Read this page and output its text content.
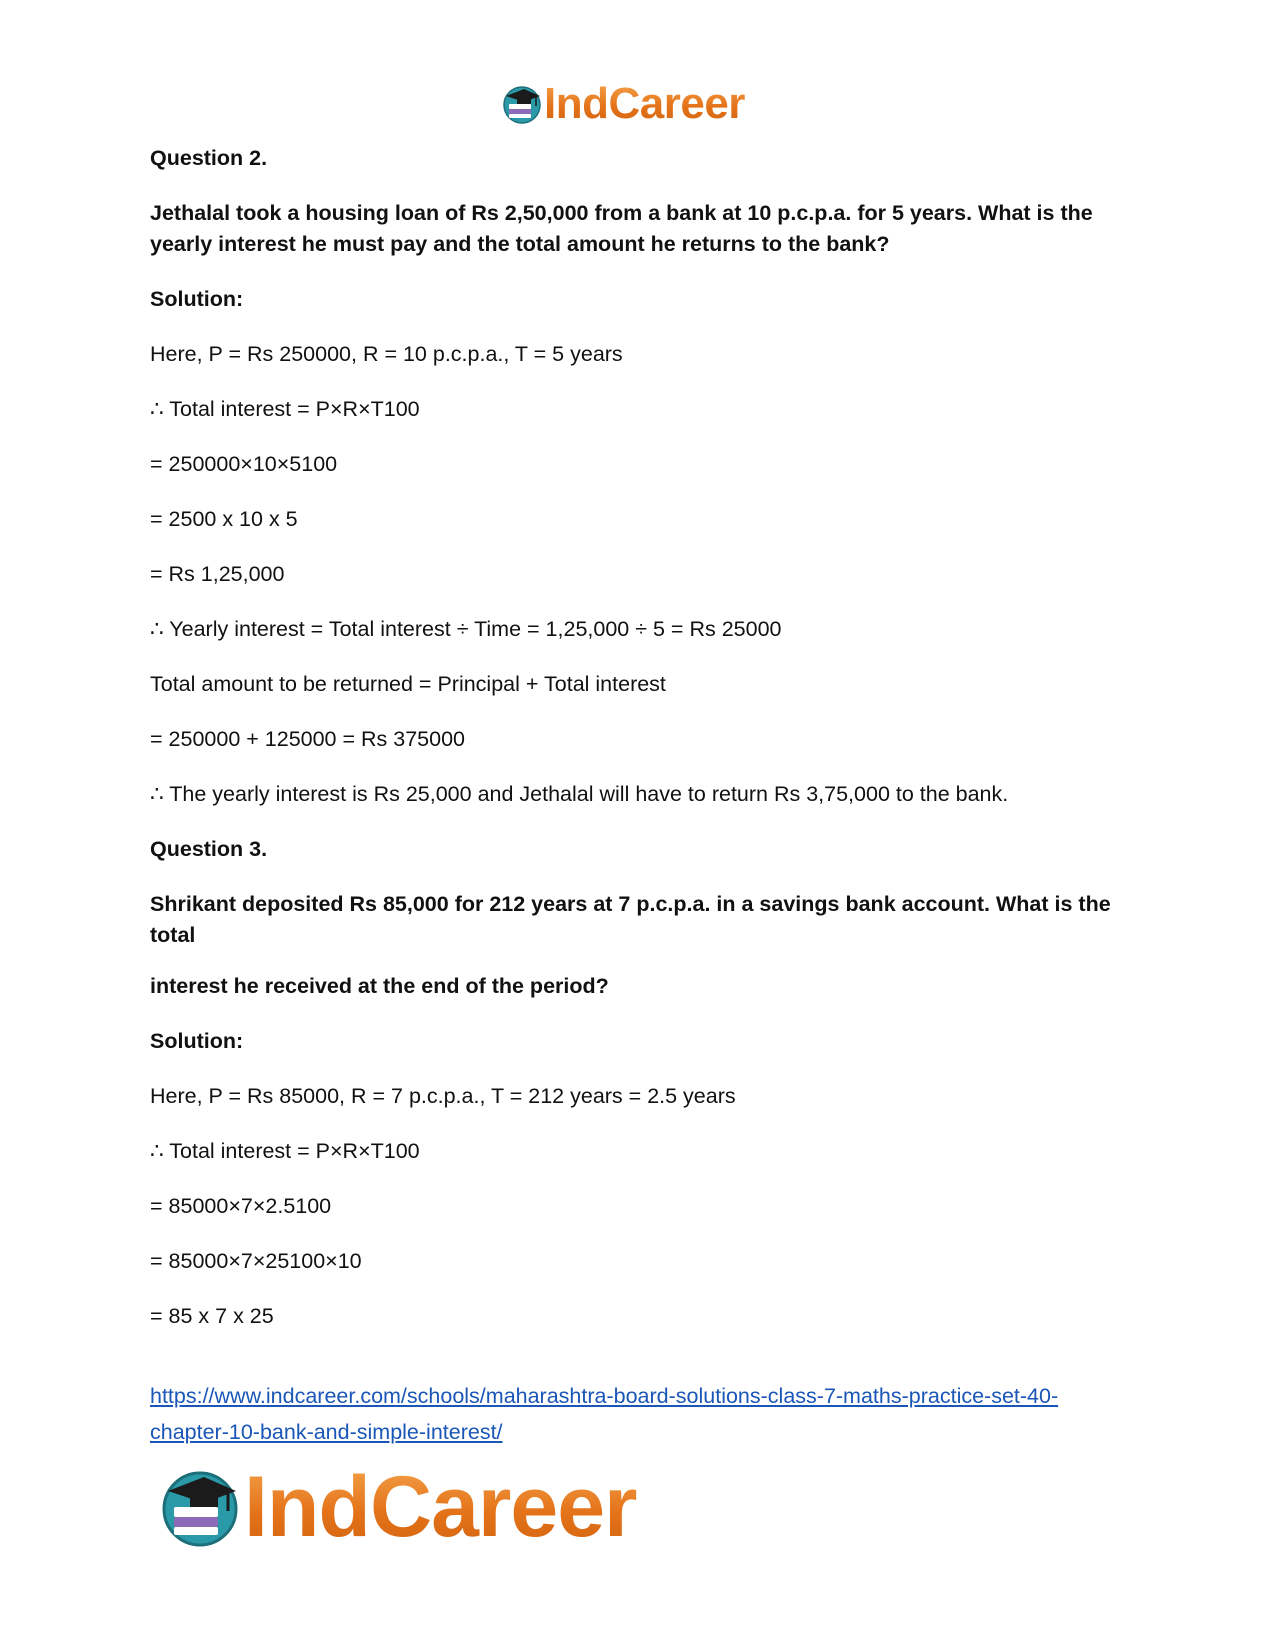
IndCareer

Question 2.

Jethalal took a housing loan of Rs 2,50,000 from a bank at 10 p.c.p.a. for 5 years. What is the yearly interest he must pay and the total amount he returns to the bank?

Solution:

Here, P = Rs 250000, R = 10 p.c.p.a., T = 5 years

∴ Total interest = P×R×T100

= 250000×10×5100

= 2500 x 10 x 5

= Rs 1,25,000

∴ Yearly interest = Total interest ÷ Time = 1,25,000 ÷ 5 = Rs 25000

Total amount to be returned = Principal + Total interest

= 250000 + 125000 = Rs 375000

∴ The yearly interest is Rs 25,000 and Jethalal will have to return Rs 3,75,000 to the bank.

Question 3.

Shrikant deposited Rs 85,000 for 212 years at 7 p.c.p.a. in a savings bank account. What is the total

interest he received at the end of the period?

Solution:

Here, P = Rs 85000, R = 7 p.c.p.a., T = 212 years = 2.5 years

∴ Total interest = P×R×T100

= 85000×7×2.5100

= 85000×7×25100×10

= 85 x 7 x 25

https://www.indcareer.com/schools/maharashtra-board-solutions-class-7-maths-practice-set-40-chapter-10-bank-and-simple-interest/
IndCareer
